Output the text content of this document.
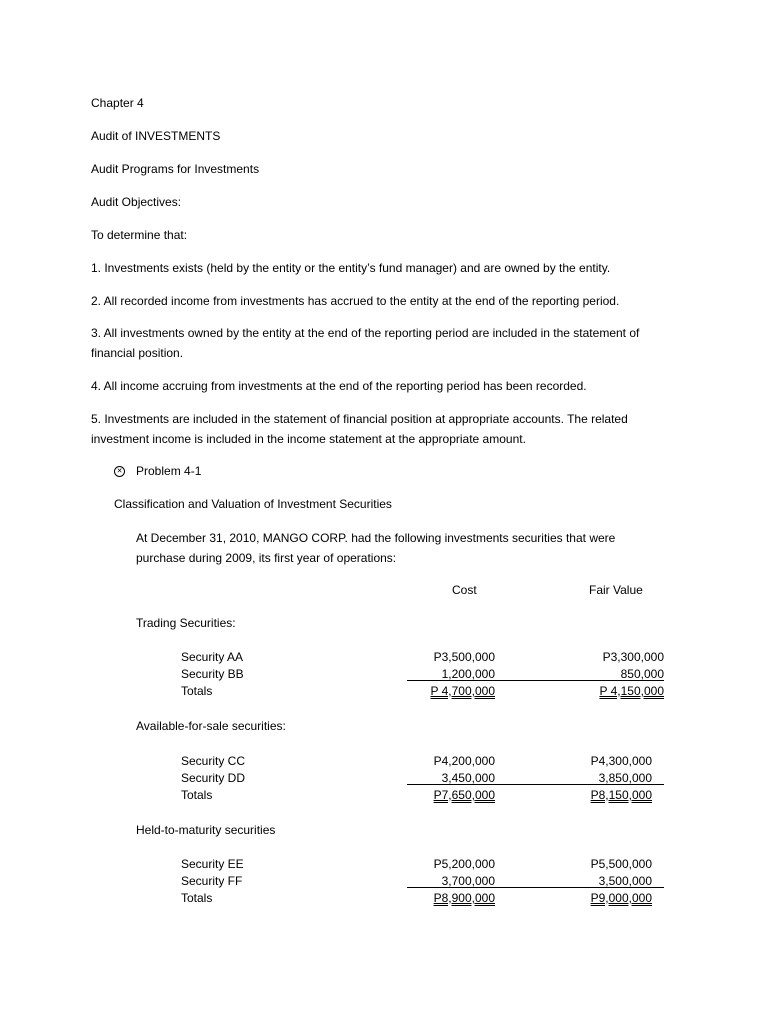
Chapter 4
Audit of INVESTMENTS
Audit Programs for Investments
Audit Objectives:
To determine that:
1. Investments exists (held by the entity or the entity’s fund manager) and are owned by the entity.
2. All recorded income from investments has accrued to the entity at the end of the reporting period.
3. All investments owned by the entity at the end of the reporting period are included in the statement of financial position.
4. All income accruing from investments at the end of the reporting period has been recorded.
5. Investments are included in the statement of financial position at appropriate accounts. The related investment income is included in the income statement at the appropriate amount.
✕ Problem 4-1
Classification and Valuation of Investment Securities
At December 31, 2010, MANGO CORP. had the following investments securities that were purchase during 2009, its first year of operations:
Cost	Fair Value
Trading Securities:
Security AA
Security BB
Totals
P3,500,000
1,200,000
P 4,700,000
P3,300,000
850,000
P 4,150,000
Available-for-sale securities:
Security CC
Security DD
Totals
P4,200,000
3,450,000
P7,650,000
P4,300,000
3,850,000
P8,150,000
Held-to-maturity securities
Security EE
Security FF
Totals
P5,200,000
3,700,000
P8,900,000
P5,500,000
3,500,000
P9,000,000
